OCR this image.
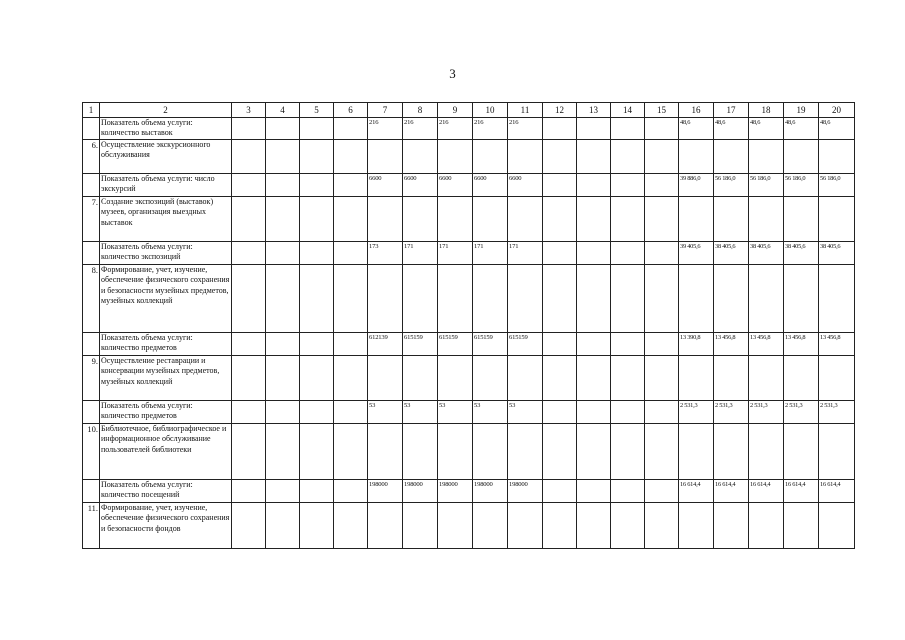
3
1	2	3	4	5	6	7	8	9	10	11	12	13	14	15	16	17	18	19	20
	Показатель объема услуги: количество выставок					216	216	216	216	216					48,6	48,6	48,6	48,6	48,6
6.	Осуществление экскурсионного обслуживания																		
	Показатель объема услуги: число экскурсий					6600	6600	6600	6600	6600					39 886,0	56 186,0	56 186,0	56 186,0	56 186,0
7.	Создание экспозиций (выставок) музеев, организация выездных выставок																		
	Показатель объема услуги: количество экспозиций					173	171	171	171	171					39 405,6	38 405,6	38 405,6	38 405,6	38 405,6
8.	Формирование, учет, изучение, обеспечение физического сохранения и безопасности музейных предметов, музейных коллекций																		
	Показатель объема услуги: количество предметов					612139	615159	615159	615159	615159					13 390,8	13 456,8	13 456,8	13 456,8	13 456,8
9.	Осуществление реставрации и консервации музейных предметов, музейных коллекций																		
	Показатель объема услуги: количество предметов					53	53	53	53	53					2 531,3	2 531,3	2 531,3	2 531,3	2 531,3
10.	Библиотечное, библиографическое и информационное обслуживание пользователей библиотеки																		
	Показатель объема услуги: количество посещений					198000	198000	198000	198000	198000					16 614,4	16 614,4	16 614,4	16 614,4	16 614,4
11.	Формирование, учет, изучение, обеспечение физического сохранения и безопасности фондов																		
